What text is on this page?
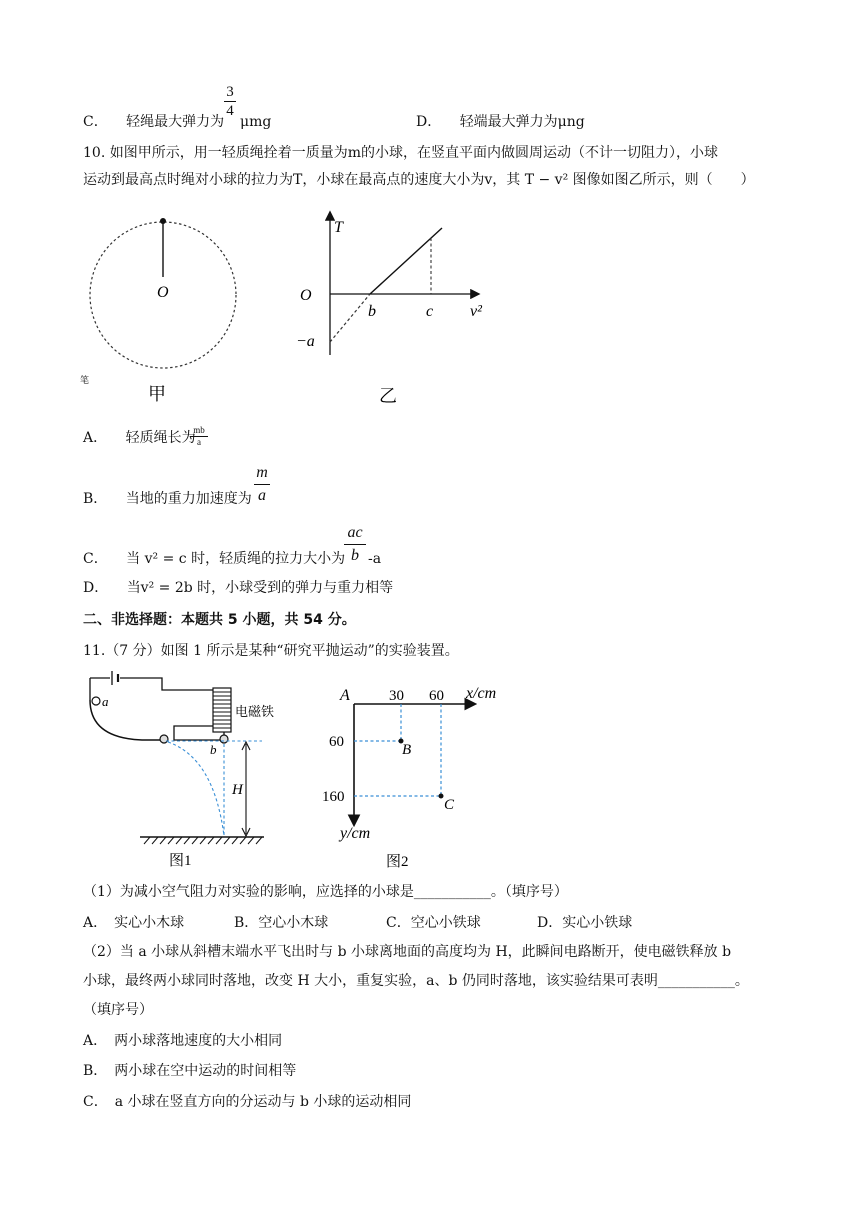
C． 轻绳最大弹力为
$\frac{3}{4}$
μmg	D． 轻端最大弹力为μng
10. 如图甲所示，用一轻质绳拴着一质量为m的小球，在竖直平面内做圆周运动（不计一切阻力），小球
运动到最高点时绳对小球的拉力为T，小球在最高点的速度大小为v，其 T − v² 图像如图乙所示，则（　　）
O
甲
笔
T
O
b	c v²
−a
乙
A． 轻质绳长为
$\frac{mb}{a}$
$\frac{m}{a}$
B． 当地的重力加速度为
$\frac{ac}{b}$
C． 当 v² = c 时，轻质绳的拉力大小为 -a
D． 当v² = 2b 时，小球受到的弹力与重力相等
二、非选择题：本题共 5 小题，共 54 分。
11.（7 分）如图 1 所示是某种“研究平抛运动”的实验装置。
a
b
H
电磁铁
图1
A	30 60 x/cm
60
160
B
C
y/cm
图2
（1）为减小空气阻力对实验的影响，应选择的小球是___________。（填序号）
A．　实心小木球	B．空心小木球	C．空心小铁球	D．实心小铁球
（2）当 a 小球从斜槽末端水平飞出时与 b 小球离地面的高度均为 H，此瞬间电路断开，使电磁铁释放 b
小球，最终两小球同时落地，改变 H 大小，重复实验，a、b 仍同时落地，该实验结果可表明___________。
（填序号）
A．　两小球落地速度的大小相同
B．　两小球在空中运动的时间相等
C．　a 小球在竖直方向的分运动与 b 小球的运动相同
